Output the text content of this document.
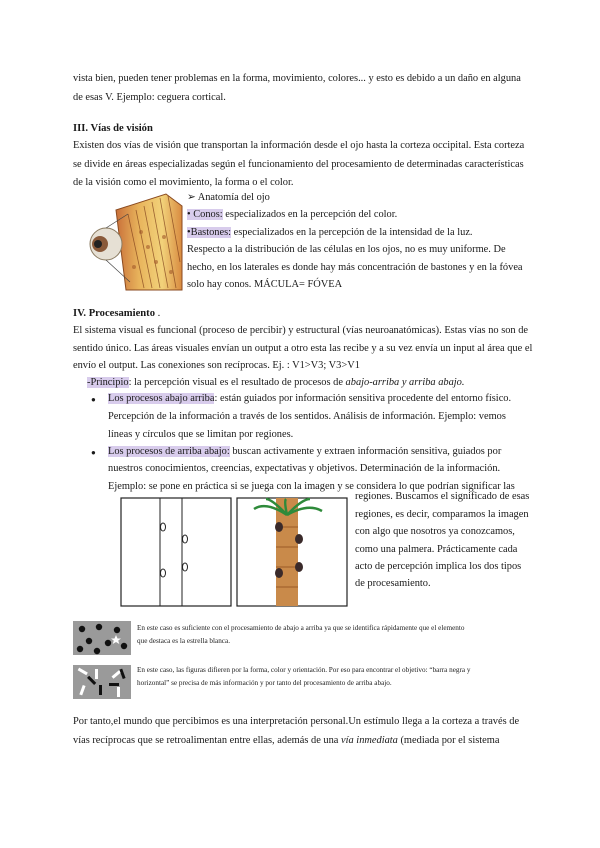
vista bien, pueden tener problemas en la forma, movimiento, colores... y esto es debido a un daño en alguna
de esas V. Ejemplo: ceguera cortical.
III. Vías de visión
Existen dos vías de visión que transportan la información desde el ojo hasta la corteza occipital. Esta corteza
se divide en áreas especializadas según el funcionamiento del procesamiento de determinadas características
de la visión como el movimiento, la forma o el color.
➢ Anatomía del ojo
• Conos: especializados en la percepción del color.
•Bastones: especializados en la percepción de la intensidad de la luz.
Respecto a la distribución de las células en los ojos, no es muy uniforme. De
hecho, en los laterales es donde hay más concentración de bastones y en la fóvea
solo hay conos. MÁCULA= FÓVEA
IV. Procesamiento .
El sistema visual es funcional (proceso de percibir) y estructural (vías neuroanatómicas). Estas vías no son de
sentido único. Las áreas visuales envían un output a otro esta las recibe y a su vez envía un input al área que el
envío el output. Las conexiones son recíprocas. Ej. : V1>V3; V3>V1
-Principio: la percepción visual es el resultado de procesos de abajo-arriba y arriba abajo.
● Los procesos abajo arriba: están guiados por información sensitiva procedente del entorno físico.
Percepción de la información a través de los sentidos. Análisis de información. Ejemplo: vemos
líneas y círculos que se limitan por regiones.
● Los procesos de arriba abajo: buscan activamente y extraen información sensitiva, guiados por
nuestros conocimientos, creencias, expectativas y objetivos. Determinación de la información.
Ejemplo: se pone en práctica si se juega con la imagen y se considera lo que podrían significar las
regiones. Buscamos el significado de esas
regiones, es decir, comparamos la imagen
con algo que nosotros ya conozcamos,
como una palmera. Prácticamente cada
acto de percepción implica los dos tipos
de procesamiento.
En este caso es suficiente con el procesamiento de abajo a arriba ya que se identifica rápidamente que el elemento
que destaca es la estrella blanca.
En este caso, las figuras difieren por la forma, color y orientación. Por eso para encontrar el objetivo: “barra negra y
horizontal” se precisa de más información y por tanto del procesamiento de arriba abajo.
Por tanto,el mundo que percibimos es una interpretación personal.Un estímulo llega a la corteza a través de
vías recíprocas que se retroalimentan entre ellas, además de una vía inmediata (mediada por el sistema
